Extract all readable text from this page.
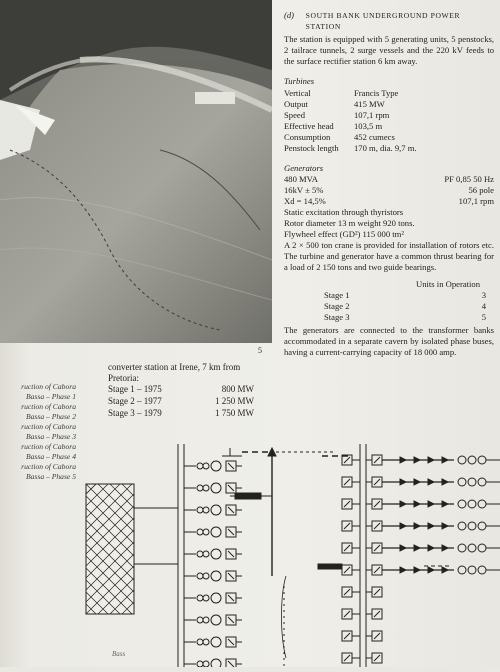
5
(d)	SOUTH BANK UNDERGROUND POWER STATION
The station is equipped with 5 generating units, 5 penstocks, 2 tailrace tunnels, 2 surge vessels and the 220 kV feeds to the surface rectifier station 6 km away.
Turbines
Vertical	Francis Type
Output	415 MW
Speed	107,1 rpm
Effective head	103,5 m
Consumption	452 cumecs
Penstock length	170 m, dia. 9,7 m.
Generators
480 MVA	PF 0,85 50 Hz
16kV ± 5%	56 pole
Xd = 14,5%	107,1 rpm
Static excitation through thyristors
Rotor diameter 13 m weight 920 tons.
Flywheel effect (GD²) 115 000 tm²
A 2 × 500 ton crane is provided for installation of rotors etc. The turbine and generator have a common thrust bearing for a load of 2 150 tons and two guide bearings.
Units in Operation
Stage 1	3
Stage 2	4
Stage 3	5
The generators are connected to the transformer banks accommodated in a separate cavern by isolated phase buses, having a current-carrying capacity of 18 000 amp.
ruction of Cabora
Bassa – Phase 1
ruction of Cabora
Bassa – Phase 2
ruction of Cabora
Bassa – Phase 3
ruction of Cabora
Bassa – Phase 4
ruction of Cabora
Bassa – Phase 5
converter station at Irene, 7 km from Pretoria:
Stage 1 – 1975	800 MW
Stage 2 – 1977	1 250 MW
Stage 3 – 1979	1 750 MW
Bass
